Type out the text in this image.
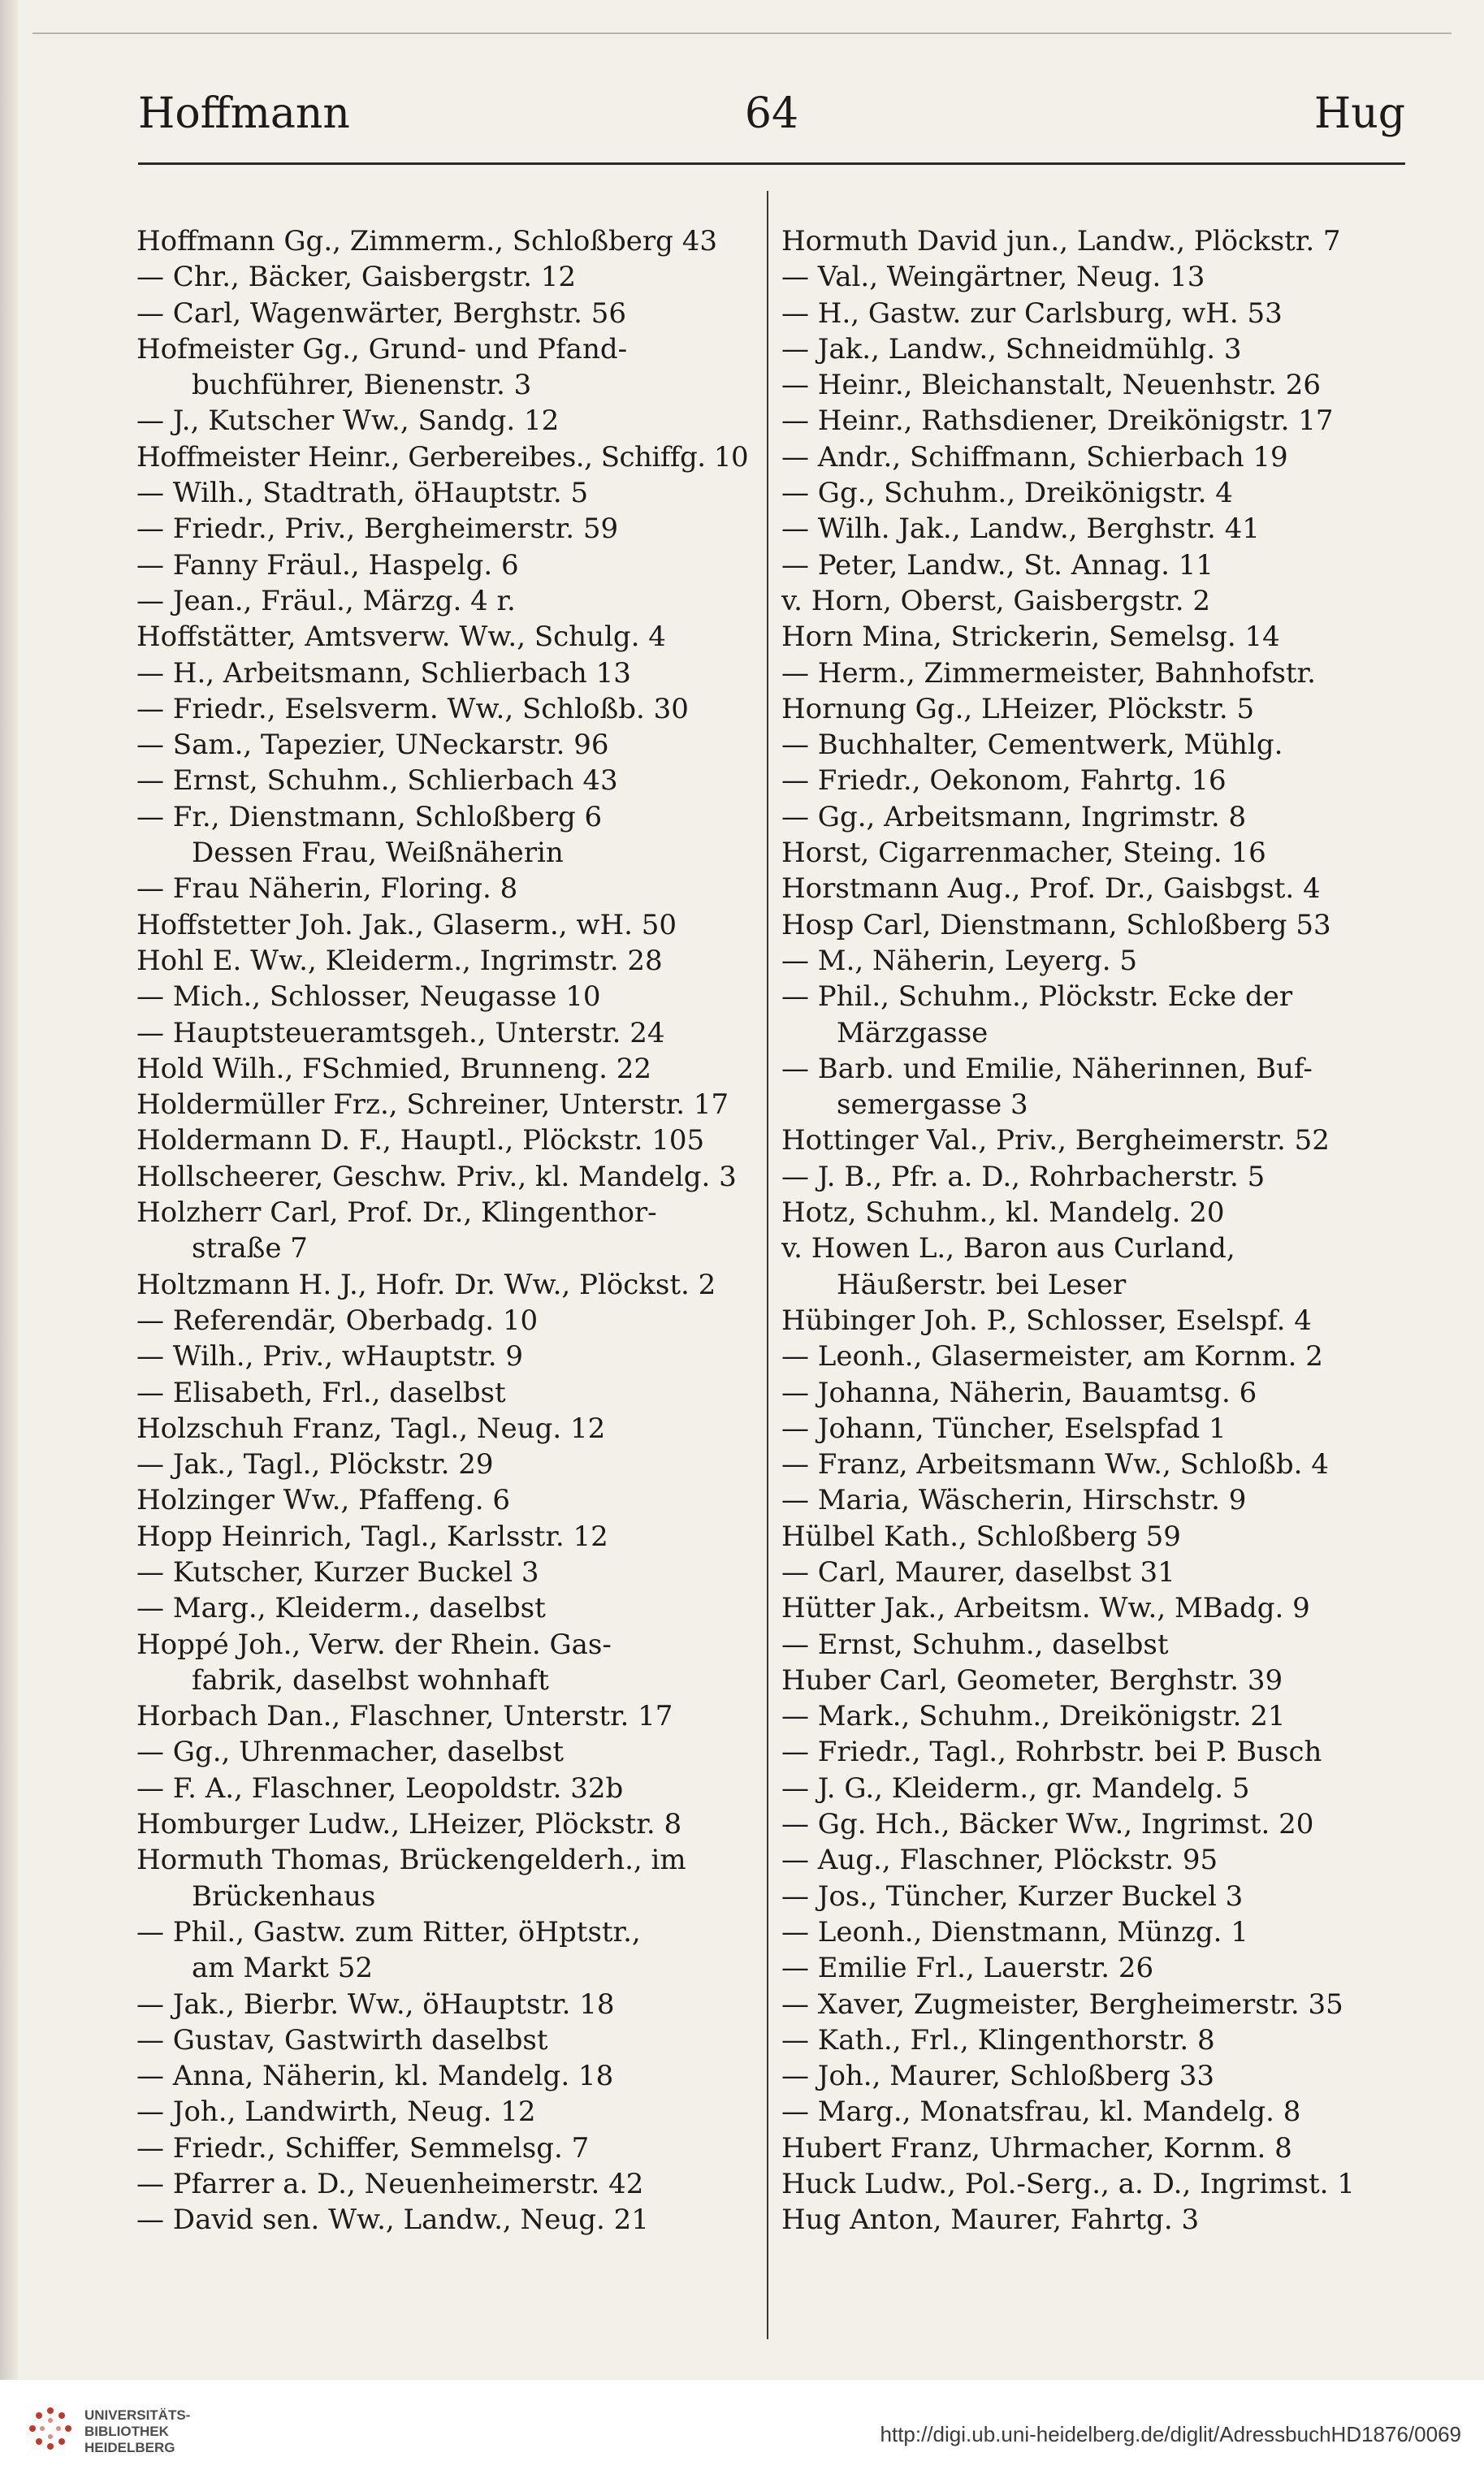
Hoffmann	64	Hug
Hoffmann Gg., Zimmerm., Schloßberg 43
— Chr., Bäcker, Gaisbergstr. 12
— Carl, Wagenwärter, Berghstr. 56
Hofmeister Gg., Grund- und Pfand-
buchführer, Bienenstr. 3
— J., Kutscher Ww., Sandg. 12
Hoffmeister Heinr., Gerbereibes., Schiffg. 10
— Wilh., Stadtrath, öHauptstr. 5
— Friedr., Priv., Bergheimerstr. 59
— Fanny Fräul., Haspelg. 6
— Jean., Fräul., Märzg. 4 r.
Hoffstätter, Amtsverw. Ww., Schulg. 4
— H., Arbeitsmann, Schlierbach 13
— Friedr., Eselsverm. Ww., Schloßb. 30
— Sam., Tapezier, UNeckarstr. 96
— Ernst, Schuhm., Schlierbach 43
— Fr., Dienstmann, Schloßberg 6
Dessen Frau, Weißnäherin
— Frau Näherin, Floring. 8
Hoffstetter Joh. Jak., Glaserm., wH. 50
Hohl E. Ww., Kleiderm., Ingrimstr. 28
— Mich., Schlosser, Neugasse 10
— Hauptsteueramtsgeh., Unterstr. 24
Hold Wilh., FSchmied, Brunneng. 22
Holdermüller Frz., Schreiner, Unterstr. 17
Holdermann D. F., Hauptl., Plöckstr. 105
Hollscheerer, Geschw. Priv., kl. Mandelg. 3
Holzherr Carl, Prof. Dr., Klingenthor-
straße 7
Holtzmann H. J., Hofr. Dr. Ww., Plöckst. 2
— Referendär, Oberbadg. 10
— Wilh., Priv., wHauptstr. 9
— Elisabeth, Frl., daselbst
Holzschuh Franz, Tagl., Neug. 12
— Jak., Tagl., Plöckstr. 29
Holzinger Ww., Pfaffeng. 6
Hopp Heinrich, Tagl., Karlsstr. 12
— Kutscher, Kurzer Buckel 3
— Marg., Kleiderm., daselbst
Hoppé Joh., Verw. der Rhein. Gas-
fabrik, daselbst wohnhaft
Horbach Dan., Flaschner, Unterstr. 17
— Gg., Uhrenmacher, daselbst
— F. A., Flaschner, Leopoldstr. 32b
Homburger Ludw., LHeizer, Plöckstr. 8
Hormuth Thomas, Brückengelderh., im
Brückenhaus
— Phil., Gastw. zum Ritter, öHptstr.,
am Markt 52
— Jak., Bierbr. Ww., öHauptstr. 18
— Gustav, Gastwirth daselbst
— Anna, Näherin, kl. Mandelg. 18
— Joh., Landwirth, Neug. 12
— Friedr., Schiffer, Semmelsg. 7
— Pfarrer a. D., Neuenheimerstr. 42
— David sen. Ww., Landw., Neug. 21
Hormuth David jun., Landw., Plöckstr. 7
— Val., Weingärtner, Neug. 13
— H., Gastw. zur Carlsburg, wH. 53
— Jak., Landw., Schneidmühlg. 3
— Heinr., Bleichanstalt, Neuenhstr. 26
— Heinr., Rathsdiener, Dreikönigstr. 17
— Andr., Schiffmann, Schierbach 19
— Gg., Schuhm., Dreikönigstr. 4
— Wilh. Jak., Landw., Berghstr. 41
— Peter, Landw., St. Annag. 11
v. Horn, Oberst, Gaisbergstr. 2
Horn Mina, Strickerin, Semelsg. 14
— Herm., Zimmermeister, Bahnhofstr.
Hornung Gg., LHeizer, Plöckstr. 5
— Buchhalter, Cementwerk, Mühlg.
— Friedr., Oekonom, Fahrtg. 16
— Gg., Arbeitsmann, Ingrimstr. 8
Horst, Cigarrenmacher, Steing. 16
Horstmann Aug., Prof. Dr., Gaisbgst. 4
Hosp Carl, Dienstmann, Schloßberg 53
— M., Näherin, Leyerg. 5
— Phil., Schuhm., Plöckstr. Ecke der
Märzgasse
— Barb. und Emilie, Näherinnen, Buf-
semergasse 3
Hottinger Val., Priv., Bergheimerstr. 52
— J. B., Pfr. a. D., Rohrbacherstr. 5
Hotz, Schuhm., kl. Mandelg. 20
v. Howen L., Baron aus Curland,
Häußerstr. bei Leser
Hübinger Joh. P., Schlosser, Eselspf. 4
— Leonh., Glasermeister, am Kornm. 2
— Johanna, Näherin, Bauamtsg. 6
— Johann, Tüncher, Eselspfad 1
— Franz, Arbeitsmann Ww., Schloßb. 4
— Maria, Wäscherin, Hirschstr. 9
Hülbel Kath., Schloßberg 59
— Carl, Maurer, daselbst 31
Hütter Jak., Arbeitsm. Ww., MBadg. 9
— Ernst, Schuhm., daselbst
Huber Carl, Geometer, Berghstr. 39
— Mark., Schuhm., Dreikönigstr. 21
— Friedr., Tagl., Rohrbstr. bei P. Busch
— J. G., Kleiderm., gr. Mandelg. 5
— Gg. Hch., Bäcker Ww., Ingrimst. 20
— Aug., Flaschner, Plöckstr. 95
— Jos., Tüncher, Kurzer Buckel 3
— Leonh., Dienstmann, Münzg. 1
— Emilie Frl., Lauerstr. 26
— Xaver, Zugmeister, Bergheimerstr. 35
— Kath., Frl., Klingenthorstr. 8
— Joh., Maurer, Schloßberg 33
— Marg., Monatsfrau, kl. Mandelg. 8
Hubert Franz, Uhrmacher, Kornm. 8
Huck Ludw., Pol.-Serg., a. D., Ingrimst. 1
Hug Anton, Maurer, Fahrtg. 3
UNIVERSITÄTS-
BIBLIOTHEK
HEIDELBERG
http://digi.ub.uni-heidelberg.de/diglit/AdressbuchHD1876/0069
